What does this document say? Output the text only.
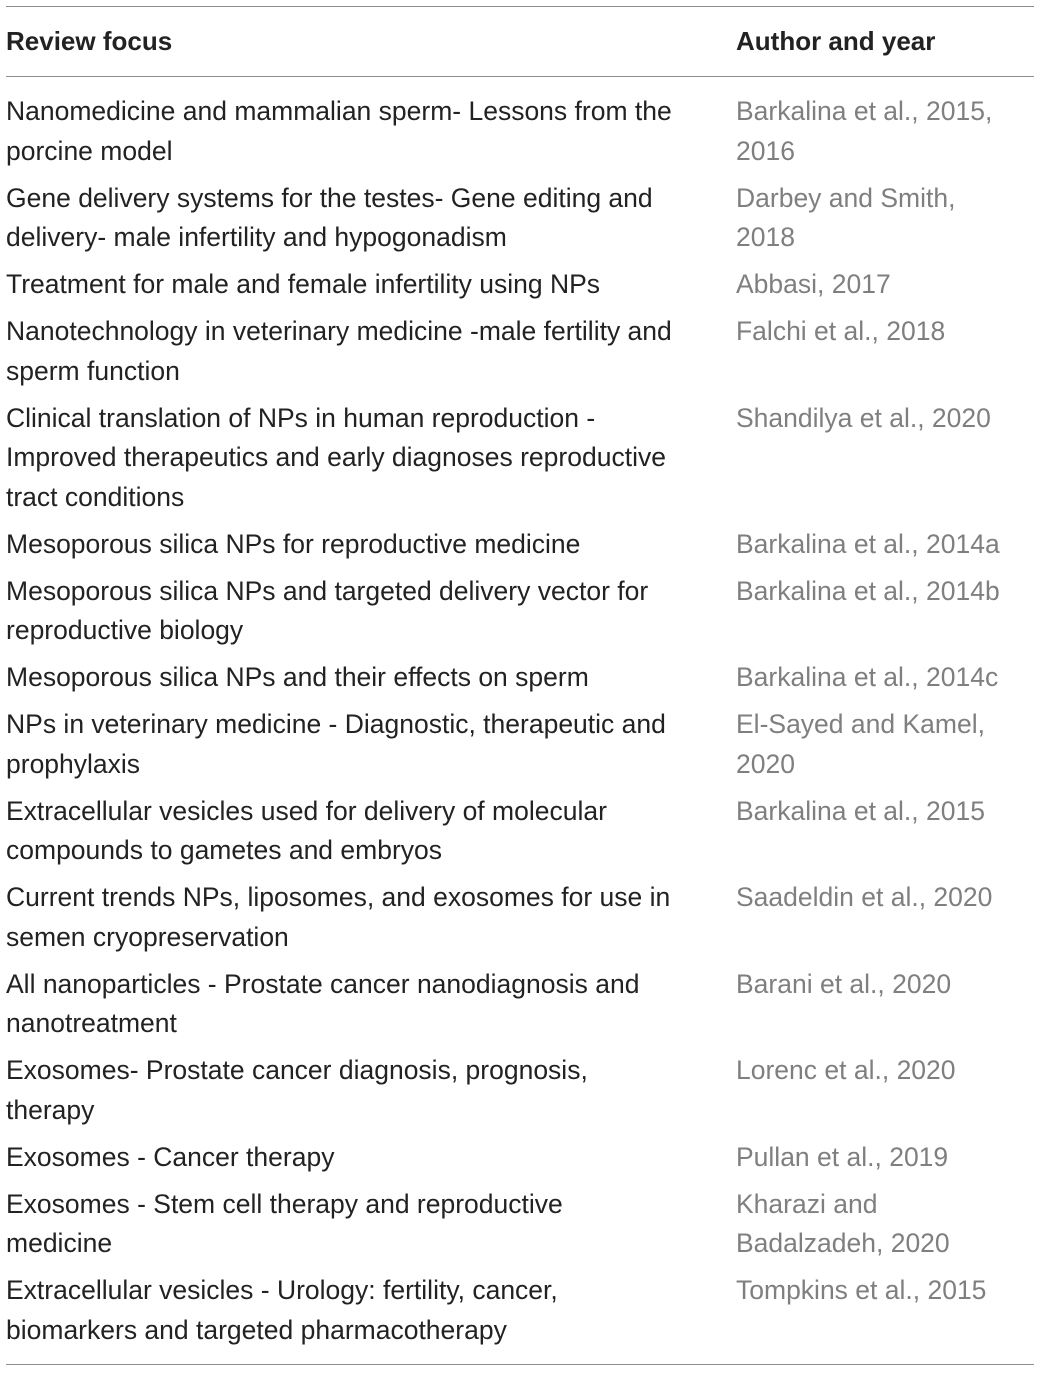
Review focus	Author and year
Nanomedicine and mammalian sperm- Lessons from the porcine model	Barkalina et al., 2015, 2016
Gene delivery systems for the testes- Gene editing and delivery- male infertility and hypogonadism	Darbey and Smith, 2018
Treatment for male and female infertility using NPs	Abbasi, 2017
Nanotechnology in veterinary medicine -male fertility and sperm function	Falchi et al., 2018
Clinical translation of NPs in human reproduction - Improved therapeutics and early diagnoses reproductive tract conditions	Shandilya et al., 2020
Mesoporous silica NPs for reproductive medicine	Barkalina et al., 2014a
Mesoporous silica NPs and targeted delivery vector for reproductive biology	Barkalina et al., 2014b
Mesoporous silica NPs and their effects on sperm	Barkalina et al., 2014c
NPs in veterinary medicine - Diagnostic, therapeutic and prophylaxis	El-Sayed and Kamel, 2020
Extracellular vesicles used for delivery of molecular compounds to gametes and embryos	Barkalina et al., 2015
Current trends NPs, liposomes, and exosomes for use in semen cryopreservation	Saadeldin et al., 2020
All nanoparticles - Prostate cancer nanodiagnosis and nanotreatment	Barani et al., 2020
Exosomes- Prostate cancer diagnosis, prognosis, therapy	Lorenc et al., 2020
Exosomes - Cancer therapy	Pullan et al., 2019
Exosomes - Stem cell therapy and reproductive medicine	Kharazi and Badalzadeh, 2020
Extracellular vesicles - Urology: fertility, cancer, biomarkers and targeted pharmacotherapy	Tompkins et al., 2015
